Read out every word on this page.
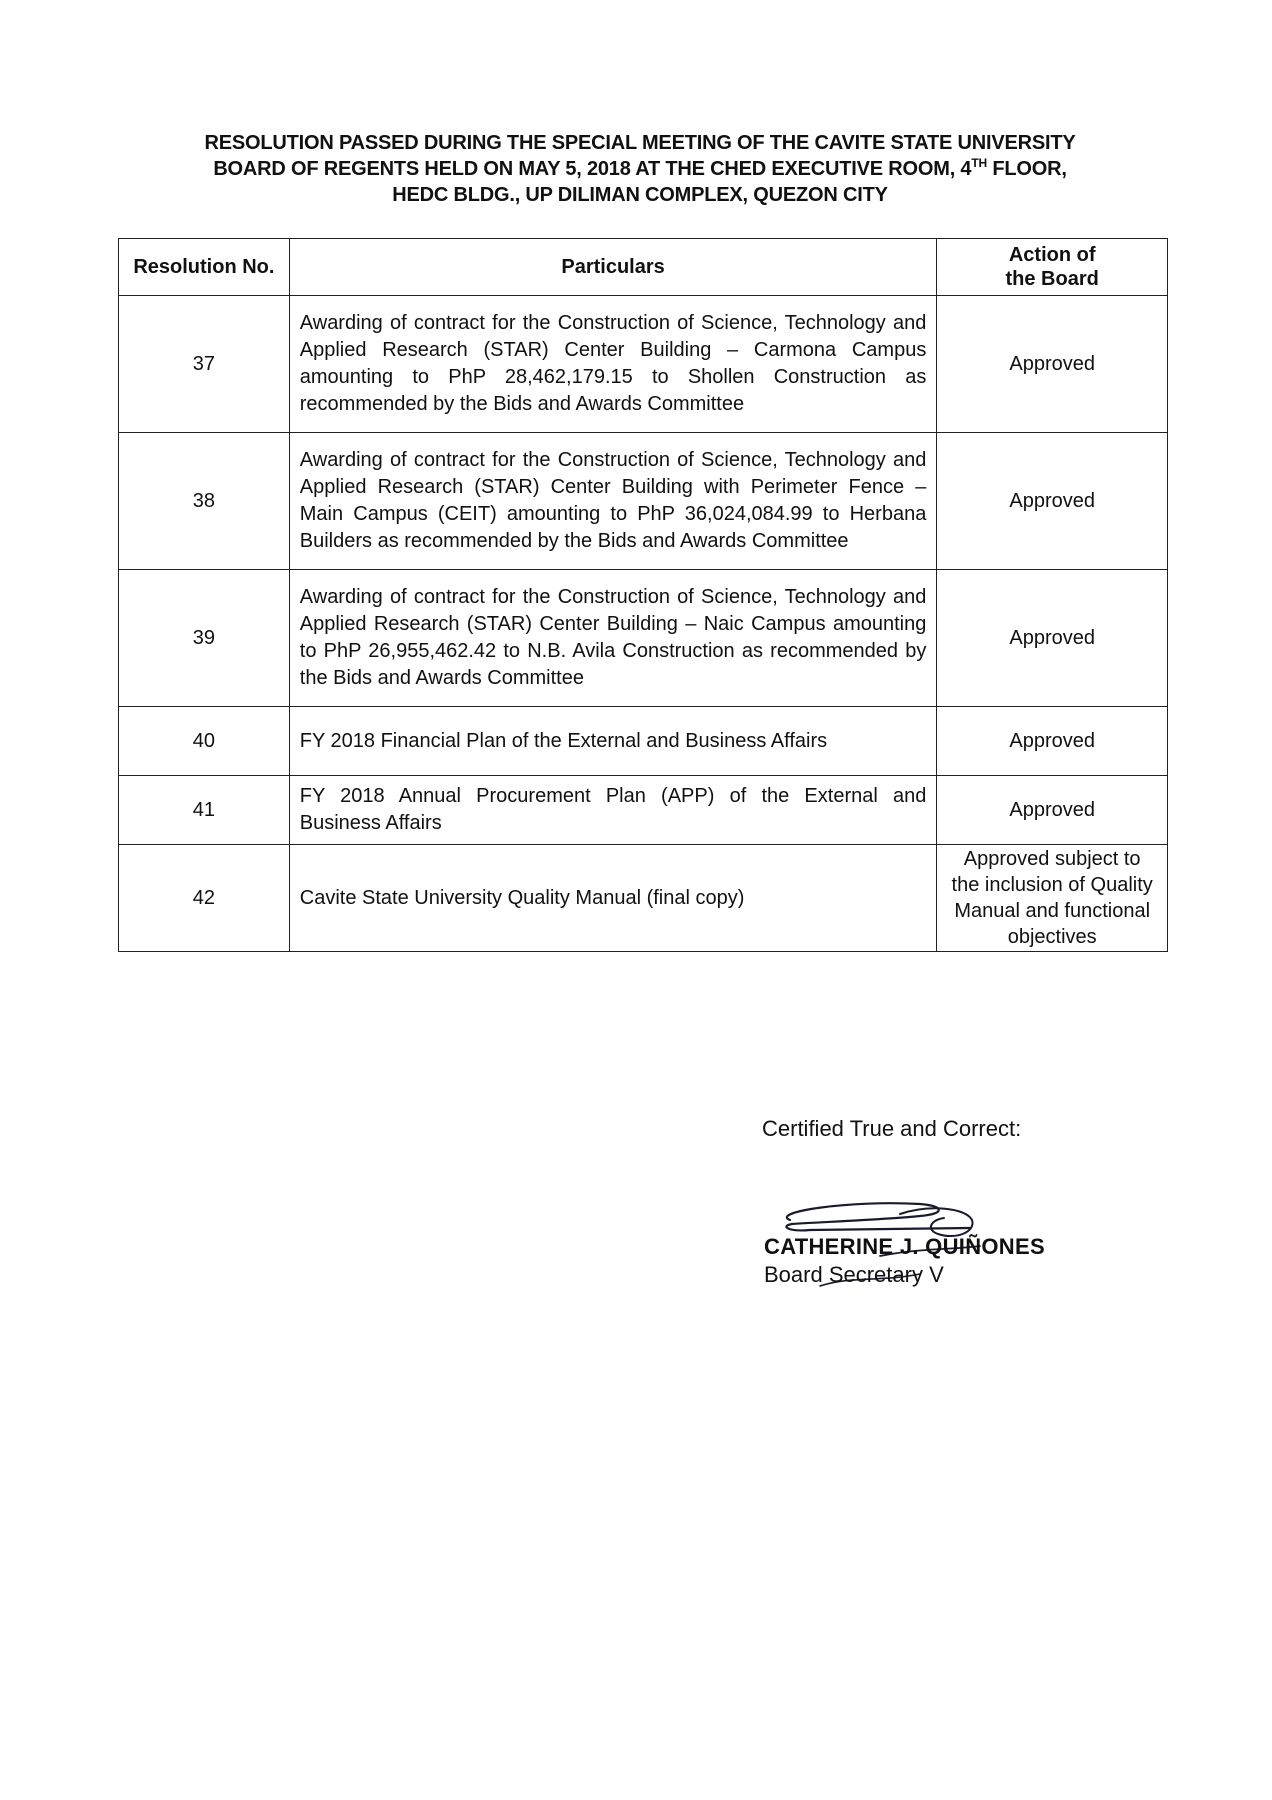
RESOLUTION PASSED DURING THE SPECIAL MEETING OF THE CAVITE STATE UNIVERSITY
BOARD OF REGENTS HELD ON MAY 5, 2018 AT THE CHED EXECUTIVE ROOM, 4TH FLOOR,
HEDC BLDG., UP DILIMAN COMPLEX, QUEZON CITY
Resolution No.	Particulars	Action of the Board
37	Awarding of contract for the Construction of Science, Technology and Applied Research (STAR) Center Building – Carmona Campus amounting to PhP 28,462,179.15 to Shollen Construction as recommended by the Bids and Awards Committee	Approved
38	Awarding of contract for the Construction of Science, Technology and Applied Research (STAR) Center Building with Perimeter Fence – Main Campus (CEIT) amounting to PhP 36,024,084.99 to Herbana Builders as recommended by the Bids and Awards Committee	Approved
39	Awarding of contract for the Construction of Science, Technology and Applied Research (STAR) Center Building – Naic Campus amounting to PhP 26,955,462.42 to N.B. Avila Construction as recommended by the Bids and Awards Committee	Approved
40	FY 2018 Financial Plan of the External and Business Affairs	Approved
41	FY 2018 Annual Procurement Plan (APP) of the External and Business Affairs	Approved
42	Cavite State University Quality Manual (final copy)	Approved subject to the inclusion of Quality Manual and functional objectives
Certified True and Correct:
CATHERINE J. QUIÑONES
Board Secretary V
